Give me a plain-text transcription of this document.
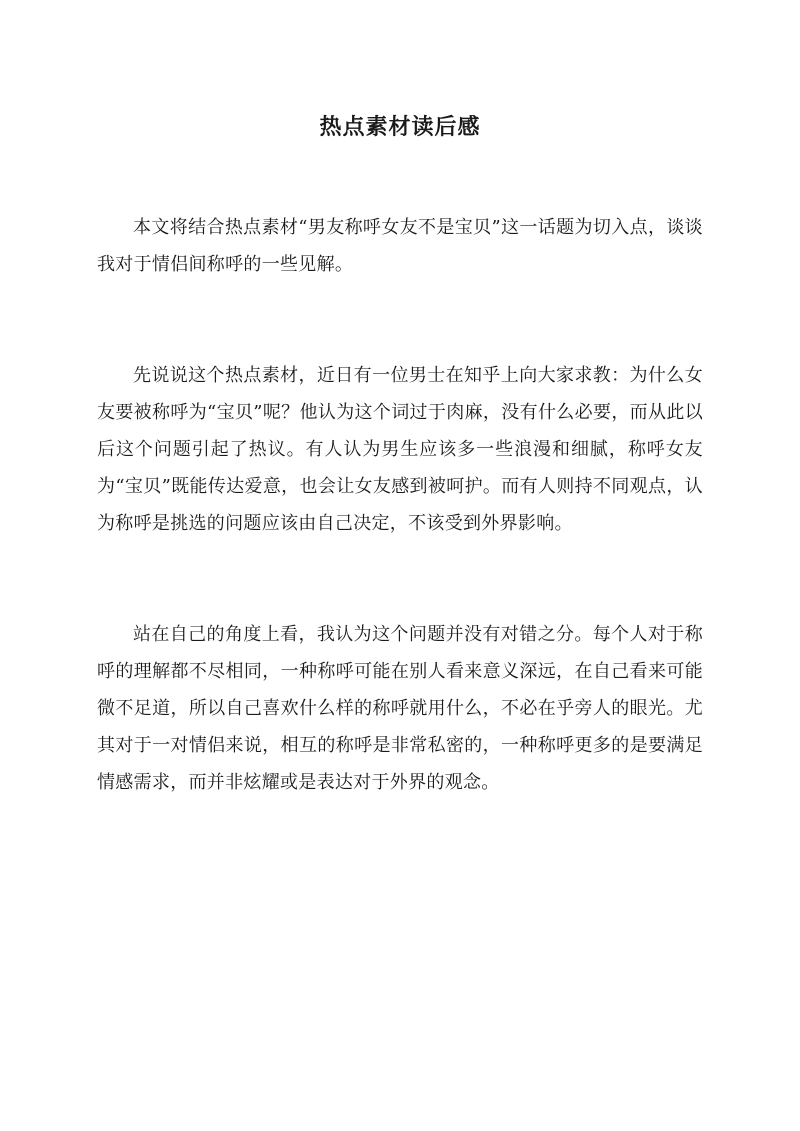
热点素材读后感

本文将结合热点素材“男友称呼女友不是宝贝”这一话题为切入点，谈谈我对于情侣间称呼的一些见解。

先说说这个热点素材，近日有一位男士在知乎上向大家求教：为什么女友要被称呼为“宝贝”呢？他认为这个词过于肉麻，没有什么必要，而从此以后这个问题引起了热议。有人认为男生应该多一些浪漫和细腻，称呼女友为“宝贝”既能传达爱意，也会让女友感到被呵护。而有人则持不同观点，认为称呼是挑选的问题应该由自己决定，不该受到外界影响。

站在自己的角度上看，我认为这个问题并没有对错之分。每个人对于称呼的理解都不尽相同，一种称呼可能在别人看来意义深远，在自己看来可能微不足道，所以自己喜欢什么样的称呼就用什么，不必在乎旁人的眼光。尤其对于一对情侣来说，相互的称呼是非常私密的，一种称呼更多的是要满足情感需求，而并非炫耀或是表达对于外界的观念。
